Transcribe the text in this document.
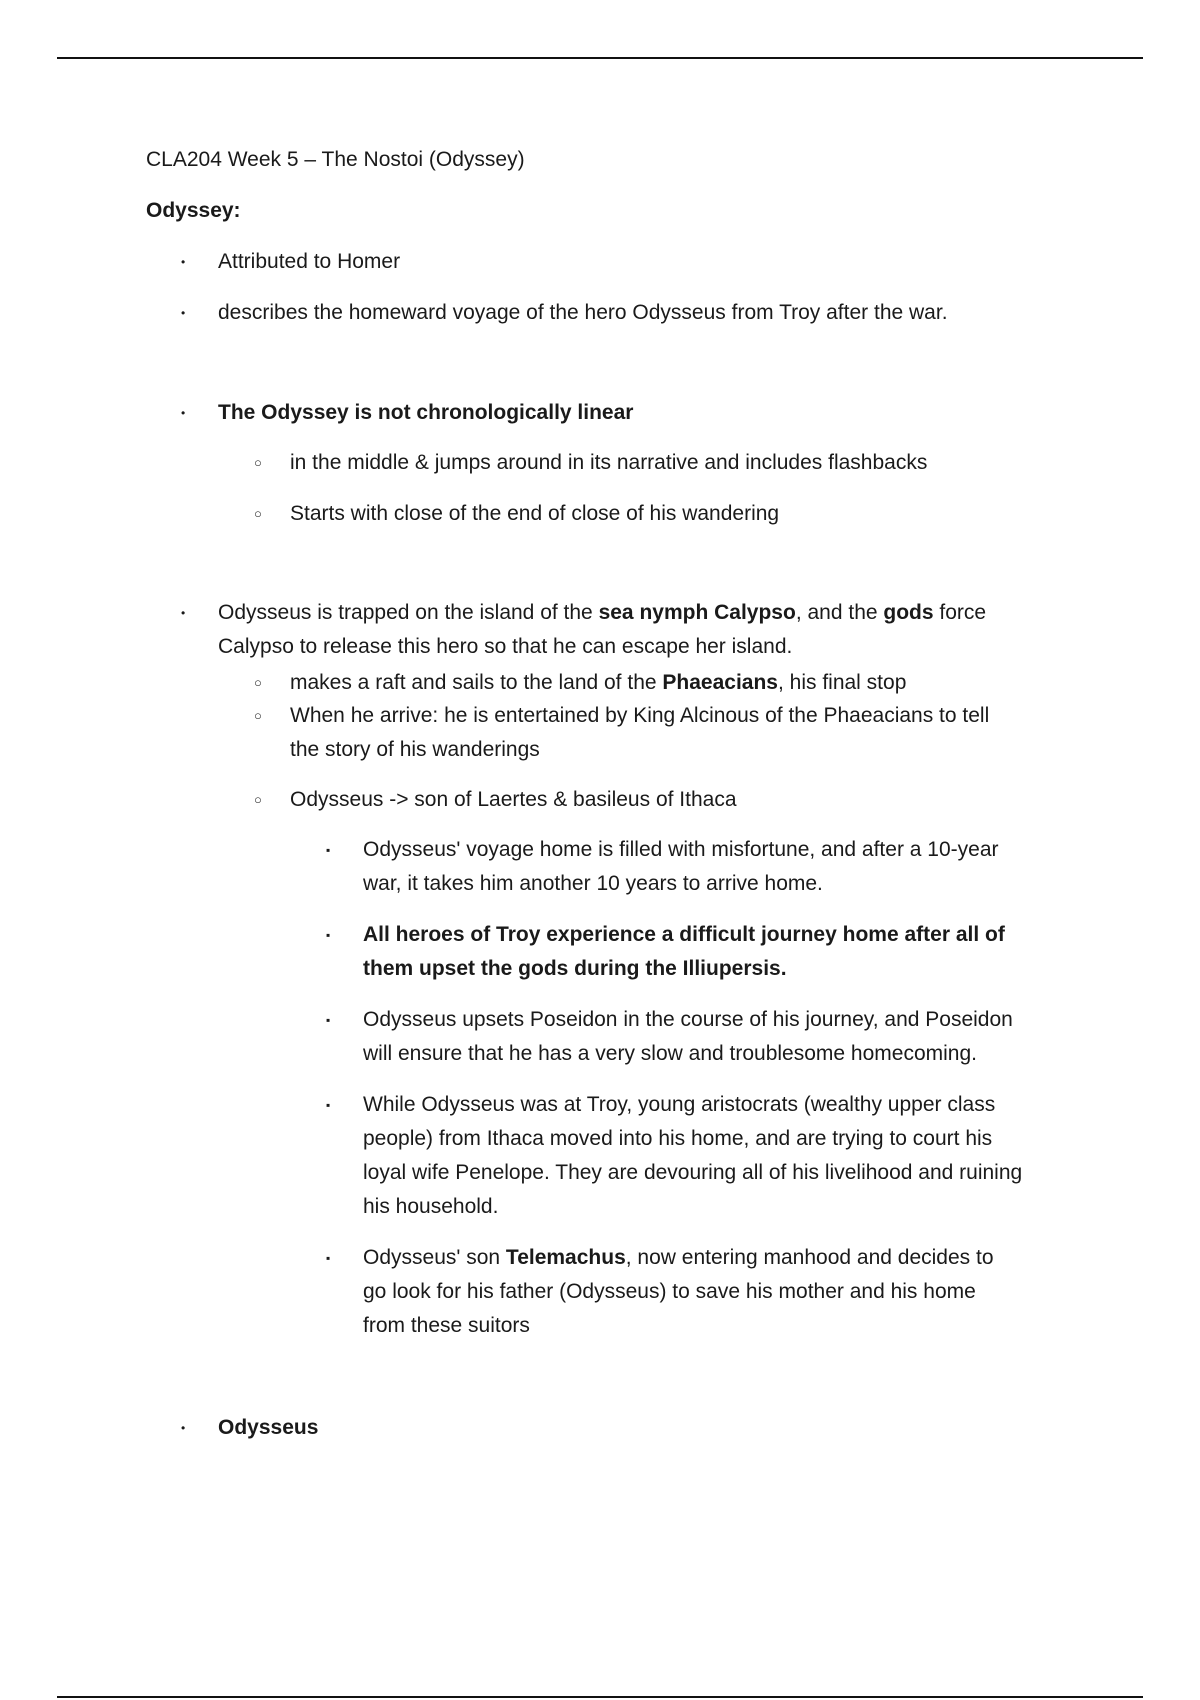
CLA204 Week 5 – The Nostoi (Odyssey)
Odyssey:
• Attributed to Homer
• describes the homeward voyage of the hero Odysseus from Troy after the war.
• The Odyssey is not chronologically linear
○ in the middle & jumps around in its narrative and includes flashbacks
○ Starts with close of the end of close of his wandering
• Odysseus is trapped on the island of the sea nymph Calypso, and the gods force
Calypso to release this hero so that he can escape her island.
○ makes a raft and sails to the land of the Phaeacians, his final stop
○ When he arrive: he is entertained by King Alcinous of the Phaeacians to tell
the story of his wanderings
○ Odysseus -> son of Laertes & basileus of Ithaca
▪ Odysseus' voyage home is filled with misfortune, and after a 10-year
war, it takes him another 10 years to arrive home.
▪ All heroes of Troy experience a difficult journey home after all of
them upset the gods during the Illiupersis.
▪ Odysseus upsets Poseidon in the course of his journey, and Poseidon
will ensure that he has a very slow and troublesome homecoming.
▪ While Odysseus was at Troy, young aristocrats (wealthy upper class
people) from Ithaca moved into his home, and are trying to court his
loyal wife Penelope. They are devouring all of his livelihood and ruining
his household.
▪ Odysseus' son Telemachus, now entering manhood and decides to
go look for his father (Odysseus) to save his mother and his home
from these suitors
• Odysseus
